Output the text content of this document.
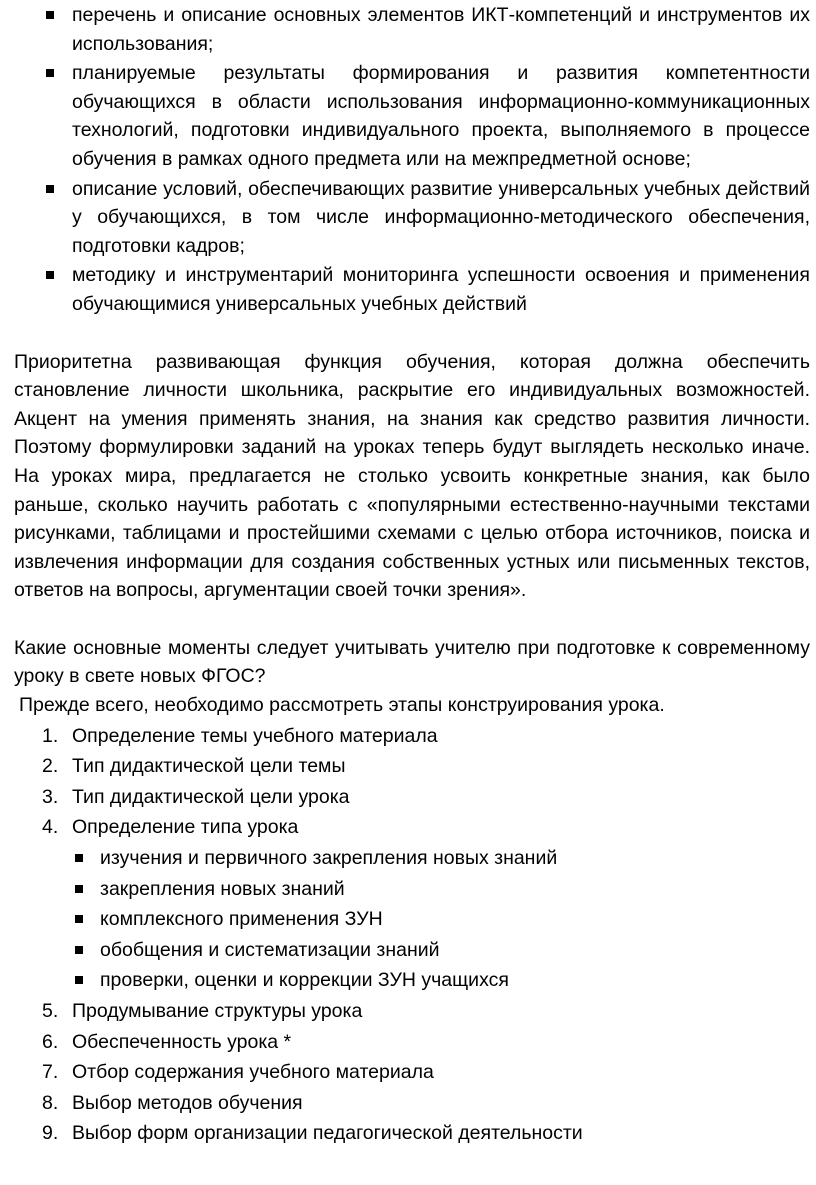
перечень и описание основных элементов ИКТ-компетенций и инструментов их использования;
планируемые результаты формирования и развития компетентности обучающихся в области использования информационно-коммуникационных технологий, подготовки индивидуального проекта, выполняемого в процессе обучения в рамках одного предмета или на межпредметной основе;
описание условий, обеспечивающих развитие универсальных учебных действий у обучающихся, в том числе информационно-методического обеспечения, подготовки кадров;
методику и инструментарий мониторинга успешности освоения и применения обучающимися универсальных учебных действий

Приоритетна развивающая функция обучения, которая должна обеспечить становление личности школьника, раскрытие его индивидуальных возможностей. Акцент на умения применять знания, на знания как средство развития личности. Поэтому формулировки заданий на уроках теперь будут выглядеть несколько иначе. На уроках мира, предлагается не столько усвоить конкретные знания, как было раньше, сколько научить работать с «популярными естественно-научными текстами рисунками, таблицами и простейшими схемами с целью отбора источников, поиска и извлечения информации для создания собственных устных или письменных текстов, ответов на вопросы, аргументации своей точки зрения».

Какие основные моменты следует учитывать учителю при подготовке к современному уроку в свете новых ФГОС?

Прежде всего, необходимо рассмотреть этапы конструирования урока.
1. Определение темы учебного материала
2. Тип дидактической цели темы
3. Тип дидактической цели урока
4. Определение типа урока
изучения и первичного закрепления новых знаний
закрепления новых знаний
комплексного применения ЗУН
обобщения и систематизации знаний
проверки, оценки и коррекции ЗУН учащихся
5. Продумывание структуры урока
6. Обеспеченность урока *
7. Отбор содержания учебного материала
8. Выбор методов обучения
9. Выбор форм организации педагогической деятельности
